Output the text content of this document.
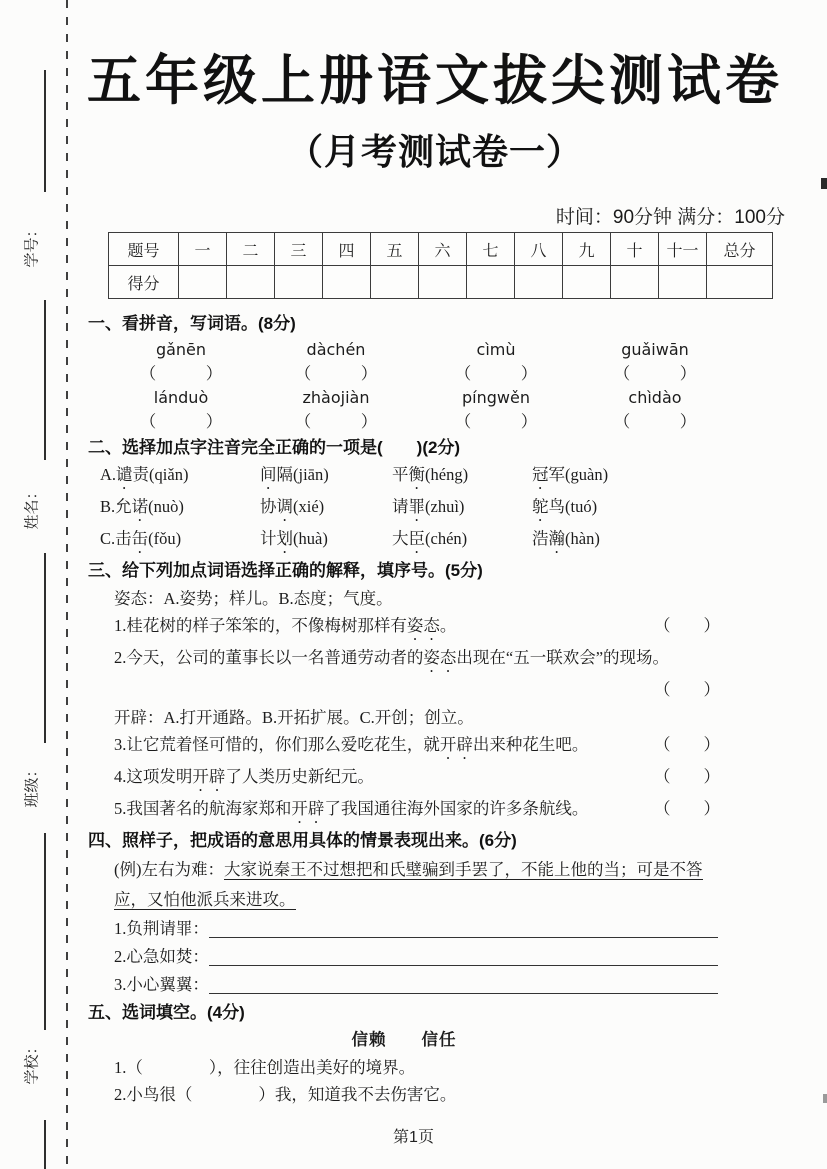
学号：
姓名：
班级：
学校：
五年级上册语文拔尖测试卷
（月考测试卷一）
时间：90分钟 满分：100分
题号	一	二	三	四	五	六	七	八	九	十	十一	总分
得分												

一、看拼音，写词语。(8分)

gǎnēn	dàchén	cìmù	guǎiwān
（　　　）	（　　　）	（　　　）	（　　　）
lánduò	zhàojiàn	píngwěn	chìdào
（　　　）	（　　　）	（　　　）	（　　　）

二、选择加点字注音完全正确的一项是(　　)(2分)

A.谴责(qiǎn)	间隔(jiān)	平衡(héng)	冠军(guàn)
B.允诺(nuò)	协调(xié)	请罪(zhuì)	鸵鸟(tuó)
C.击缶(fǒu)	计划(huà)	大臣(chén)	浩瀚(hàn)

三、给下列加点词语选择正确的解释，填序号。(5分)

姿态：A.姿势；样儿。B.态度；气度。

1.桂花树的样子笨笨的，不像梅树那样有姿态。	（　　）

2.今天，公司的董事长以一名普通劳动者的姿态出现在“五一联欢会”的现场。

（　　）

开辟：A.打开通路。B.开拓扩展。C.开创；创立。

3.让它荒着怪可惜的，你们那么爱吃花生，就开辟出来种花生吧。	（　　）
4.这项发明开辟了人类历史新纪元。	（　　）
5.我国著名的航海家郑和开辟了我国通往海外国家的许多条航线。	（　　）

四、照样子，把成语的意思用具体的情景表现出来。(6分)

(例)左右为难：大家说秦王不过想把和氏璧骗到手罢了，不能上他的当；可是不答应，又怕他派兵来进攻。

1.负荆请罪：
2.心急如焚：
3.小心翼翼：

五、选词填空。(4分)

信赖　　信任

1.（　　　　），往往创造出美好的境界。

2.小鸟很（　　　　）我，知道我不去伤害它。

第1页
